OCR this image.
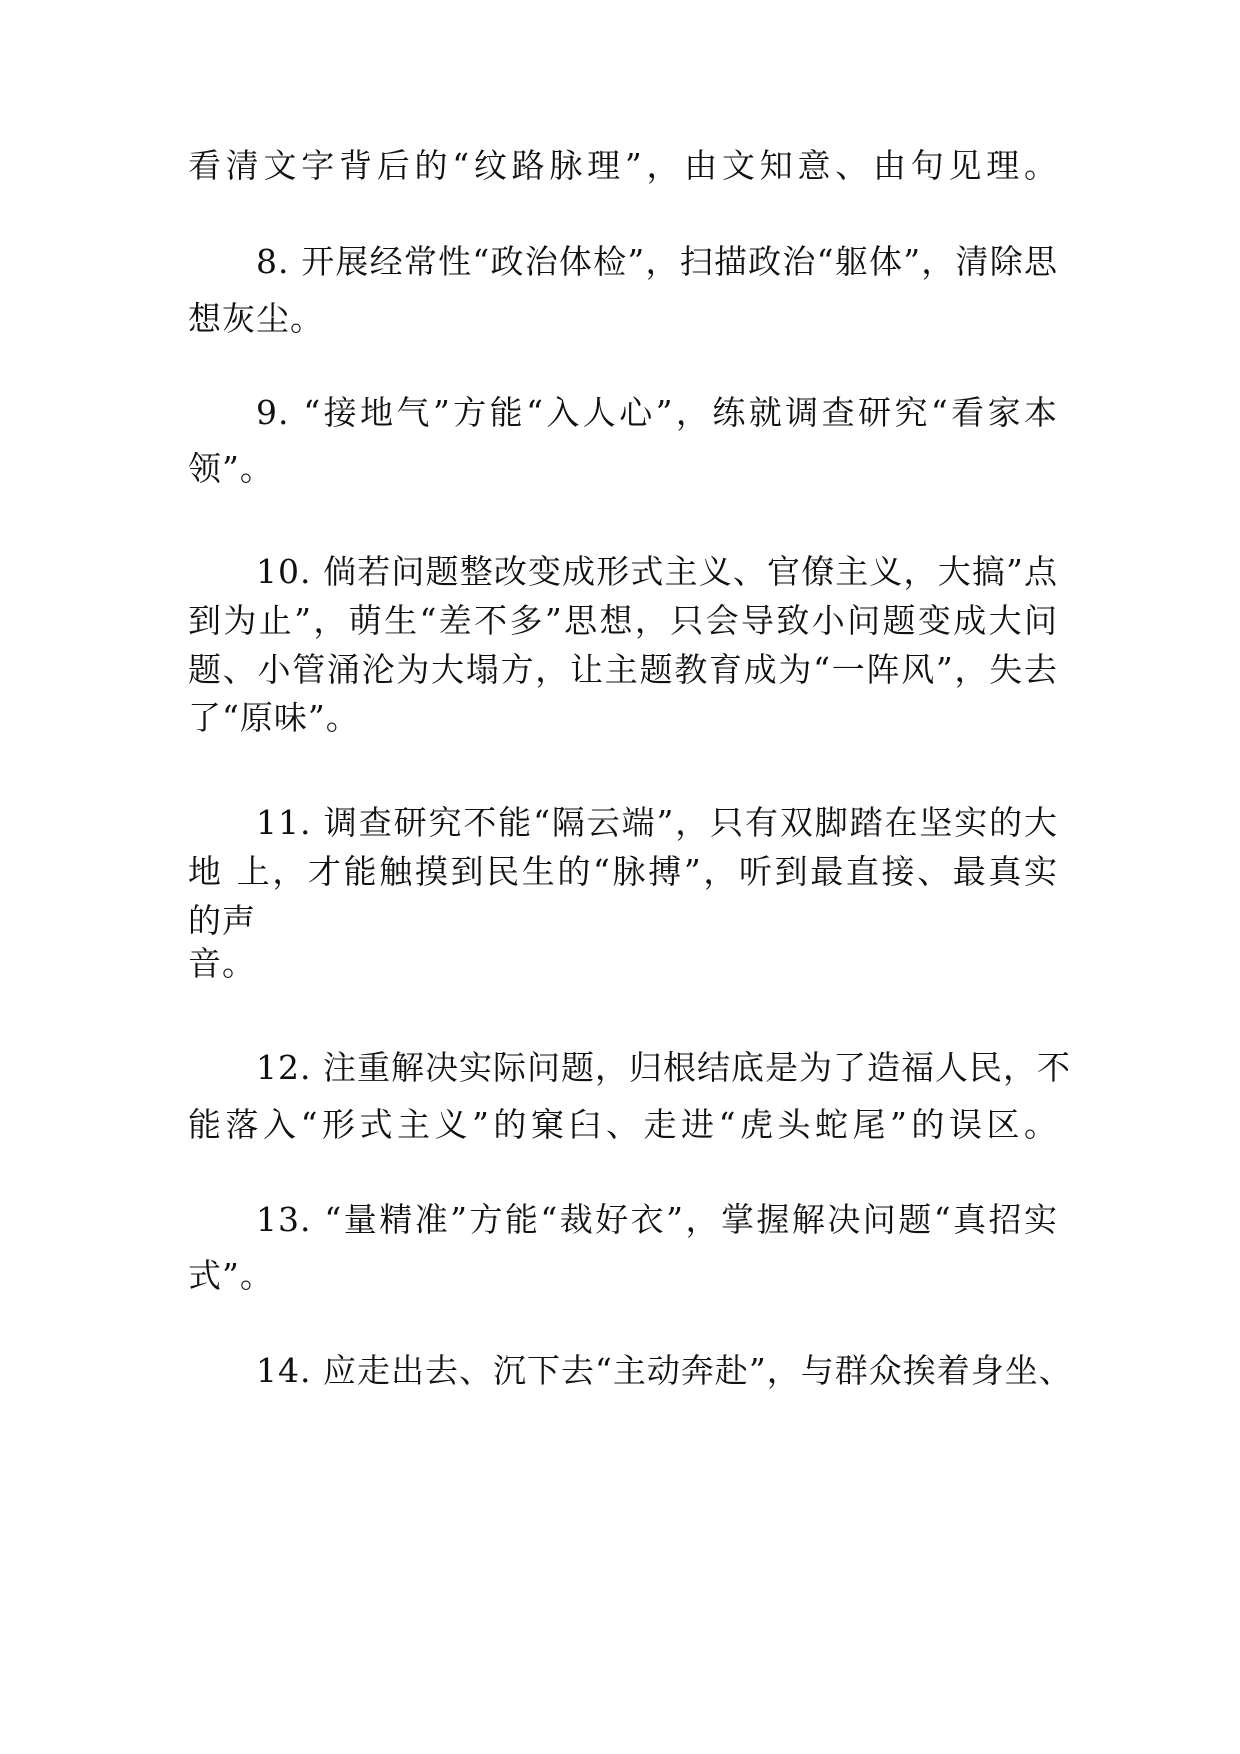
看清文字背后的“纹路脉理”，由文知意、由句见理。
8. 开展经常性“政治体检”，扫描政治“躯体”，清除思
想灰尘。
9. “接地气”方能“入人心”，练就调查研究“看家本
领”。
10. 倘若问题整改变成形式主义、官僚主义，大搞”点
到为止”，萌生“差不多”思想，只会导致小问题变成大问
题、小管涌沦为大塌方，让主题教育成为“一阵风”，失去
了“原味”。
11. 调查研究不能“隔云端”，只有双脚踏在坚实的大
地 上，才能触摸到民生的“脉搏”，听到最直接、最真实
的声
音。
12. 注重解决实际问题，归根结底是为了造福人民，不
能落入“形式主义”的窠臼、走进“虎头蛇尾”的误区。
13. “量精准”方能“裁好衣”，掌握解决问题“真招实
式”。
14. 应走出去、沉下去“主动奔赴”，与群众挨着身坐、
